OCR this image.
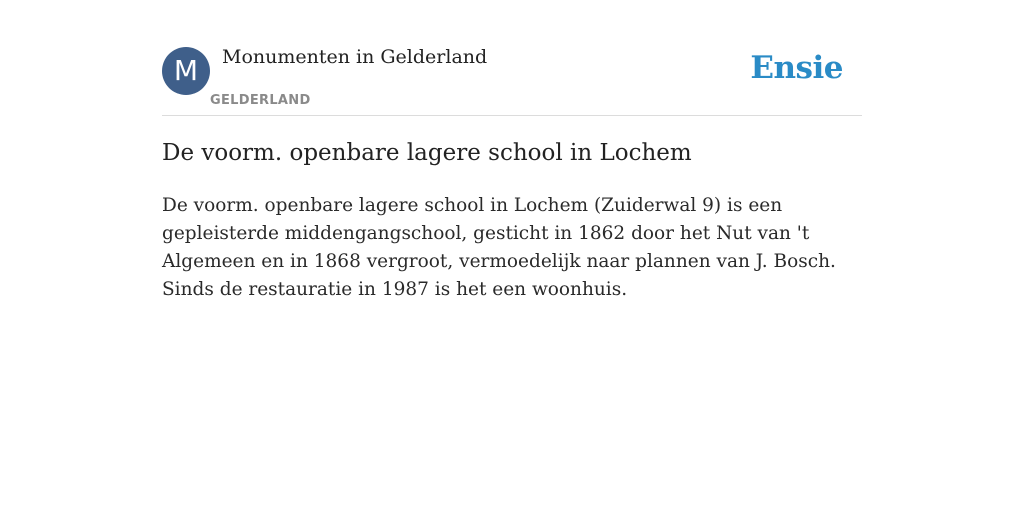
M	Monumenten in Gelderland
GELDERLAND
Ensie
De voorm. openbare lagere school in Lochem

De voorm. openbare lagere school in Lochem (Zuiderwal 9) is een gepleisterde middengangschool, gesticht in 1862 door het Nut van 't Algemeen en in 1868 vergroot, vermoedelijk naar plannen van J. Bosch. Sinds de restauratie in 1987 is het een woonhuis.
